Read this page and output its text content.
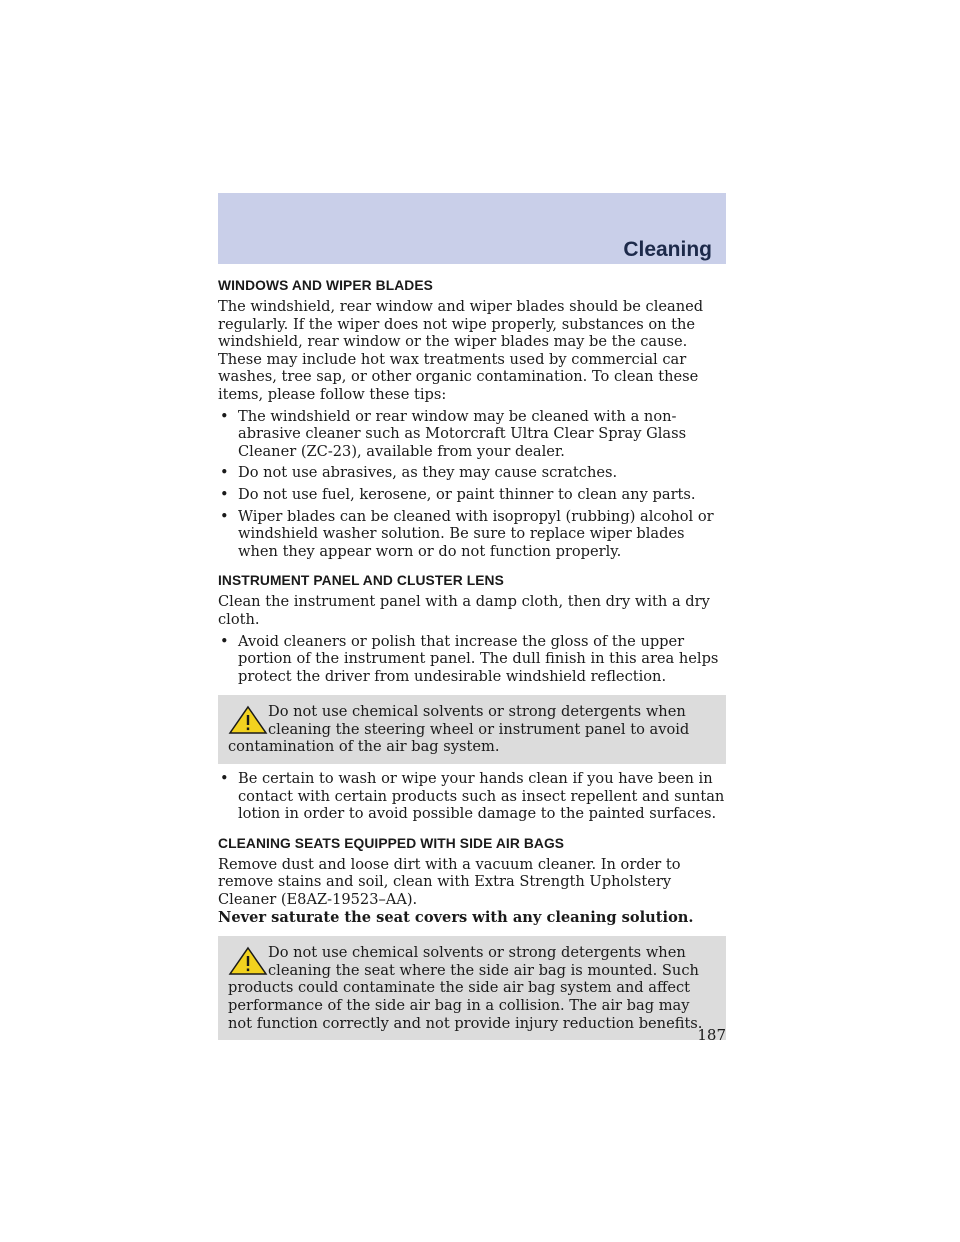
Cleaning
WINDOWS AND WIPER BLADES

The windshield, rear window and wiper blades should be cleaned regularly. If the wiper does not wipe properly, substances on the windshield, rear window or the wiper blades may be the cause. These may include hot wax treatments used by commercial car washes, tree sap, or other organic contamination. To clean these items, please follow these tips:

• The windshield or rear window may be cleaned with a non-abrasive cleaner such as Motorcraft Ultra Clear Spray Glass Cleaner (ZC-23), available from your dealer.
• Do not use abrasives, as they may cause scratches.
• Do not use fuel, kerosene, or paint thinner to clean any parts.
• Wiper blades can be cleaned with isopropyl (rubbing) alcohol or windshield washer solution. Be sure to replace wiper blades when they appear worn or do not function properly.
INSTRUMENT PANEL AND CLUSTER LENS

Clean the instrument panel with a damp cloth, then dry with a dry cloth.

• Avoid cleaners or polish that increase the gloss of the upper portion of the instrument panel. The dull finish in this area helps protect the driver from undesirable windshield reflection.
Do not use chemical solvents or strong detergents when cleaning the steering wheel or instrument panel to avoid contamination of the air bag system.
• Be certain to wash or wipe your hands clean if you have been in contact with certain products such as insect repellent and suntan lotion in order to avoid possible damage to the painted surfaces.
CLEANING SEATS EQUIPPED WITH SIDE AIR BAGS

Remove dust and loose dirt with a vacuum cleaner. In order to remove stains and soil, clean with Extra Strength Upholstery Cleaner (E8AZ-19523–AA).

Never saturate the seat covers with any cleaning solution.

Do not use chemical solvents or strong detergents when cleaning the seat where the side air bag is mounted. Such products could contaminate the side air bag system and affect performance of the side air bag in a collision. The air bag may not function correctly and not provide injury reduction benefits.
187
